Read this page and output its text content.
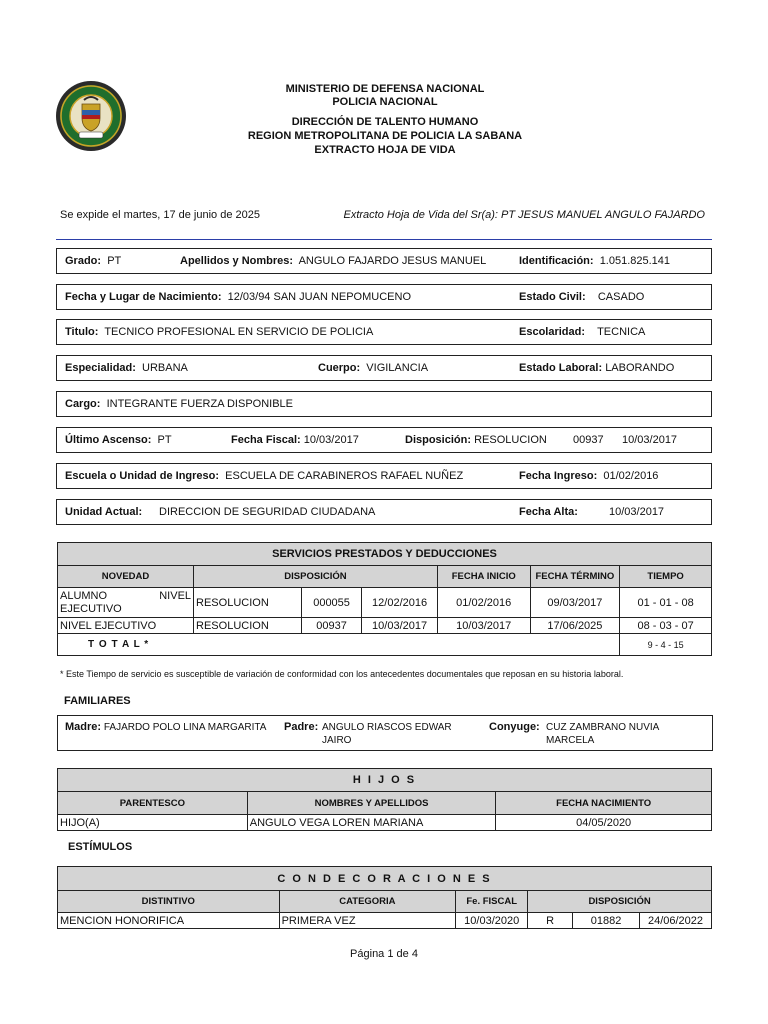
MINISTERIO DE DEFENSA NACIONAL
POLICIA NACIONAL
DIRECCIÓN DE TALENTO HUMANO
REGION METROPOLITANA DE POLICIA LA SABANA
EXTRACTO HOJA DE VIDA
Se expide el martes, 17 de junio de 2025	Extracto Hoja de Vida del Sr(a): PT JESUS MANUEL ANGULO FAJARDO
Grado: PT	Apellidos y Nombres: ANGULO FAJARDO JESUS MANUEL	Identificación: 1.051.825.141
Fecha y Lugar de Nacimiento: 12/03/94 SAN JUAN NEPOMUCENO	Estado Civil: CASADO
Titulo: TECNICO PROFESIONAL EN SERVICIO DE POLICIA	Escolaridad: TECNICA
Especialidad: URBANA	Cuerpo: VIGILANCIA	Estado Laboral: LABORANDO
Cargo: INTEGRANTE FUERZA DISPONIBLE
Último Ascenso: PT	Fecha Fiscal: 10/03/2017	Disposición: RESOLUCION 00937 10/03/2017
Escuela o Unidad de Ingreso: ESCUELA DE CARABINEROS RAFAEL NUÑEZ	Fecha Ingreso: 01/02/2016
Unidad Actual: DIRECCION DE SEGURIDAD CIUDADANA	Fecha Alta:	10/03/2017
SERVICIOS PRESTADOS Y DEDUCCIONES						
NOVEDAD	DISPOSICIÓN			FECHA INICIO	FECHA TÉRMINO	TIEMPO
ALUMNO NIVEL EJECUTIVO	RESOLUCION	000055	12/02/2016	01/02/2016	09/03/2017	01 - 01 - 08
NIVEL EJECUTIVO	RESOLUCION	00937	10/03/2017	10/03/2017	17/06/2025	08 - 03 - 07
T O T A L *						9 - 4 - 15
* Este Tiempo de servicio es susceptible de variación de conformidad con los antecedentes documentales que reposan en su historia laboral.
FAMILIARES
Madre: FAJARDO POLO LINA MARGARITA Padre: ANGULO RIASCOS EDWAR JAIRO
Conyuge: CUZ ZAMBRANO NUVIA MARCELA
H I J O S		
PARENTESCO	NOMBRES Y APELLIDOS	FECHA NACIMIENTO
HIJO(A)	ANGULO VEGA LOREN MARIANA	04/05/2020
ESTÍMULOS
C O N D E C O R A C I O N E S					
DISTINTIVO	CATEGORIA	Fe. FISCAL	DISPOSICIÓN		
MENCION HONORIFICA	PRIMERA VEZ	10/03/2020	R	01882	24/06/2022
Página 1 de 4
